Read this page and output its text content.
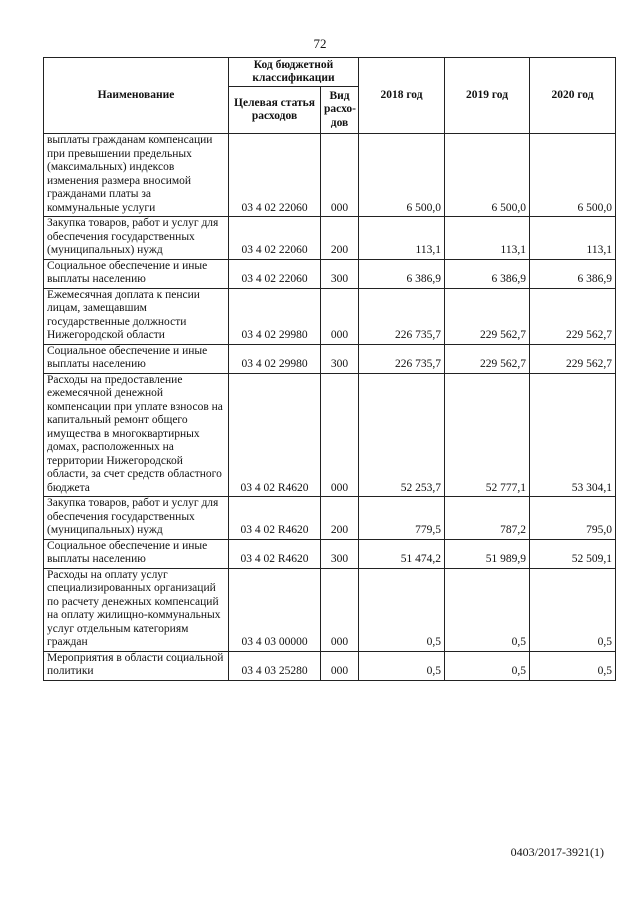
72
Наименование	Код бюджетной классификации		2018 год	2019 год	2020 год
	Целевая статья расходов	Вид расхо-дов			
выплаты гражданам компенсации при превышении предельных (максимальных) индексов изменения размера вносимой гражданами платы за коммунальные услуги	03 4 02 22060	000	6 500,0	6 500,0	6 500,0
Закупка товаров, работ и услуг для обеспечения государственных (муниципальных) нужд	03 4 02 22060	200	113,1	113,1	113,1
Социальное обеспечение и иные выплаты населению	03 4 02 22060	300	6 386,9	6 386,9	6 386,9
Ежемесячная доплата к пенсии лицам, замещавшим государственные должности Нижегородской области	03 4 02 29980	000	226 735,7	229 562,7	229 562,7
Социальное обеспечение и иные выплаты населению	03 4 02 29980	300	226 735,7	229 562,7	229 562,7
Расходы на предоставление ежемесячной денежной компенсации при уплате взносов на капитальный ремонт общего имущества в многоквартирных домах, расположенных на территории Нижегородской области, за счет средств областного бюджета	03 4 02 R4620	000	52 253,7	52 777,1	53 304,1
Закупка товаров, работ и услуг для обеспечения государственных (муниципальных) нужд	03 4 02 R4620	200	779,5	787,2	795,0
Социальное обеспечение и иные выплаты населению	03 4 02 R4620	300	51 474,2	51 989,9	52 509,1
Расходы на оплату услуг специализированных организаций по расчету денежных компенсаций на оплату жилищно-коммунальных услуг отдельным категориям граждан	03 4 03 00000	000	0,5	0,5	0,5
Мероприятия в области социальной политики	03 4 03 25280	000	0,5	0,5	0,5
0403/2017-3921(1)
